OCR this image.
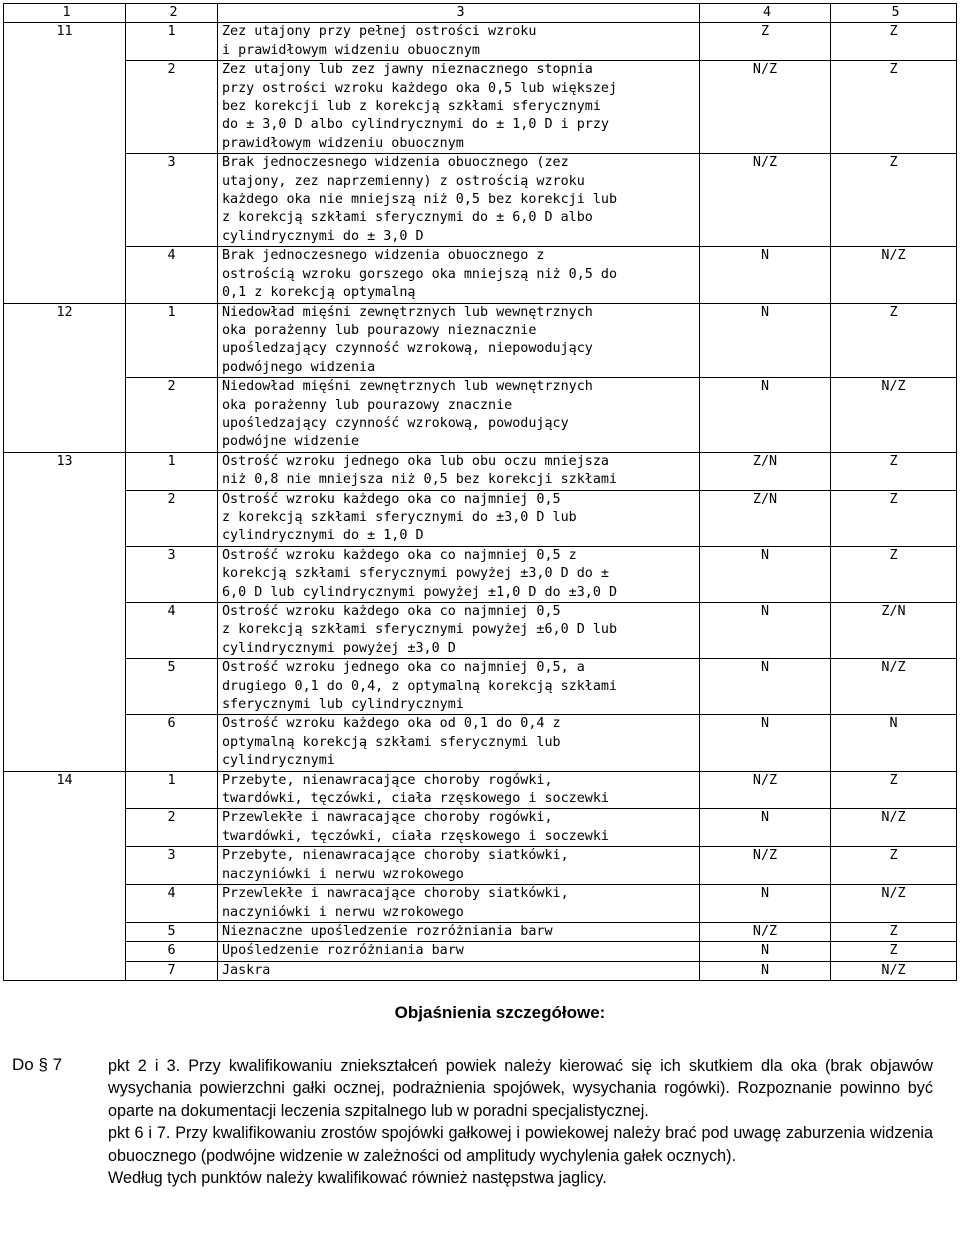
1	2	3	4	5
11	1	Zez utajony przy pełnej ostrości wzroku
i prawidłowym widzeniu obuocznym	Z	Z
	2	Zez utajony lub zez jawny nieznacznego stopnia
przy ostrości wzroku każdego oka 0,5 lub większej
bez korekcji lub z korekcją szkłami sferycznymi
do ± 3,0 D albo cylindrycznymi do ± 1,0 D i przy
prawidłowym widzeniu obuocznym	N/Z	Z
	3	Brak jednoczesnego widzenia obuocznego (zez
utajony, zez naprzemienny) z ostrością wzroku
każdego oka nie mniejszą niż 0,5 bez korekcji lub
z korekcją szkłami sferycznymi do ± 6,0 D albo
cylindrycznymi do ± 3,0 D	N/Z	Z
	4	Brak jednoczesnego widzenia obuocznego z
ostrością wzroku gorszego oka mniejszą niż 0,5 do
0,1 z korekcją optymalną	N	N/Z
12	1	Niedowład mięśni zewnętrznych lub wewnętrznych
oka porażenny lub pourazowy nieznacznie
upośledzający czynność wzrokową, niepowodujący
podwójnego widzenia	N	Z
	2	Niedowład mięśni zewnętrznych lub wewnętrznych
oka porażenny lub pourazowy znacznie
upośledzający czynność wzrokową, powodujący
podwójne widzenie	N	N/Z
13	1	Ostrość wzroku jednego oka lub obu oczu mniejsza
niż 0,8 nie mniejsza niż 0,5 bez korekcji szkłami	Z/N	Z
	2	Ostrość wzroku każdego oka co najmniej 0,5
z korekcją szkłami sferycznymi do ±3,0 D lub
cylindrycznymi do ± 1,0 D	Z/N	Z
	3	Ostrość wzroku każdego oka co najmniej 0,5 z
korekcją szkłami sferycznymi powyżej ±3,0 D do ±
6,0 D lub cylindrycznymi powyżej ±1,0 D do ±3,0 D	N	Z
	4	Ostrość wzroku każdego oka co najmniej 0,5
z korekcją szkłami sferycznymi powyżej ±6,0 D lub
cylindrycznymi powyżej ±3,0 D	N	Z/N
	5	Ostrość wzroku jednego oka co najmniej 0,5, a
drugiego 0,1 do 0,4, z optymalną korekcją szkłami
sferycznymi lub cylindrycznymi	N	N/Z
	6	Ostrość wzroku każdego oka od 0,1 do 0,4 z
optymalną korekcją szkłami sferycznymi lub
cylindrycznymi	N	N
14	1	Przebyte, nienawracające choroby rogówki,
twardówki, tęczówki, ciała rzęskowego i soczewki	N/Z	Z
	2	Przewlekłe i nawracające choroby rogówki,
twardówki, tęczówki, ciała rzęskowego i soczewki	N	N/Z
	3	Przebyte, nienawracające choroby siatkówki,
naczyniówki i nerwu wzrokowego	N/Z	Z
	4	Przewlekłe i nawracające choroby siatkówki,
naczyniówki i nerwu wzrokowego	N	N/Z
	5	Nieznaczne upośledzenie rozróżniania barw	N/Z	Z
	6	Upośledzenie rozróżniania barw	N	Z
	7	Jaskra	N	N/Z
Objaśnienia szczegółowe:
Do § 7	pkt 2 i 3. Przy kwalifikowaniu zniekształceń powiek należy kierować się ich skutkiem dla oka (brak objawów wysychania powierzchni gałki ocznej, podrażnienia spojówek, wysychania rogówki). Rozpoznanie powinno być oparte na dokumentacji leczenia szpitalnego lub w poradni specjalistycznej.

pkt 6 i 7. Przy kwalifikowaniu zrostów spojówki gałkowej i powiekowej należy brać pod uwagę zaburzenia widzenia obuocznego (podwójne widzenie w zależności od amplitudy wychylenia gałek ocznych).

Według tych punktów należy kwalifikować również następstwa jaglicy.
